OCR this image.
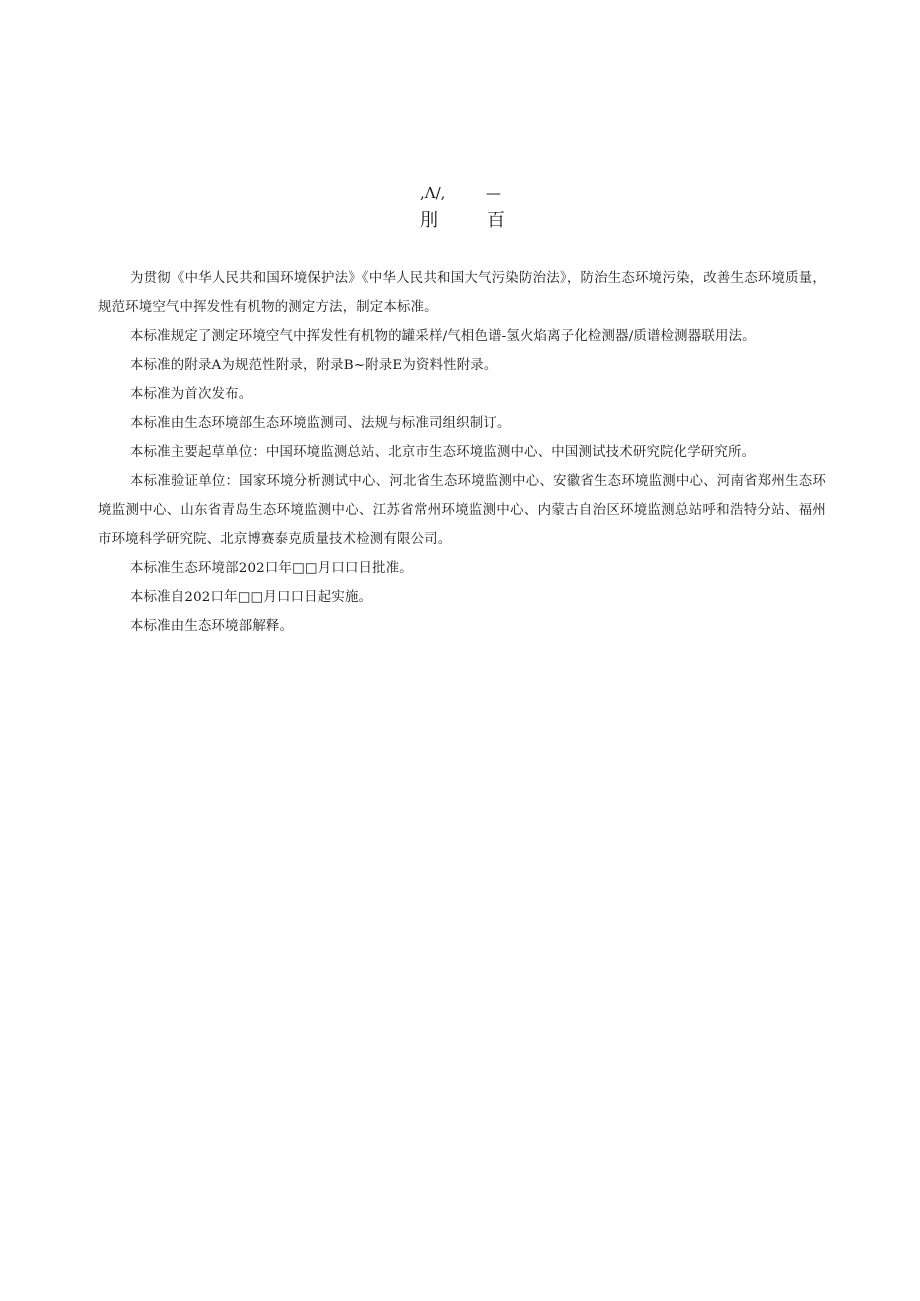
,Λ/,	—
刖	百

为贯彻《中华人民共和国环境保护法》《中华人民共和国大气污染防治法》，防治生态环境污染，改善生态环境质量，规范环境空气中挥发性有机物的测定方法，制定本标准。

本标准规定了测定环境空气中挥发性有机物的罐采样/气相色谱-氢火焰离子化检测器/质谱检测器联用法。

本标准的附录A为规范性附录，附录B~附录E为资料性附录。

本标准为首次发布。

本标准由生态环境部生态环境监测司、法规与标准司组织制订。

本标准主要起草单位：中国环境监测总站、北京市生态环境监测中心、中国测试技术研究院化学研究所。

本标准验证单位：国家环境分析测试中心、河北省生态环境监测中心、安徽省生态环境监测中心、河南省郑州生态环境监测中心、山东省青岛生态环境监测中心、江苏省常州环境监测中心、内蒙古自治区环境监测总站呼和浩特分站、福州市环境科学研究院、北京博赛泰克质量技术检测有限公司。

本标准生态环境部202口年□□月口口日批准。

本标准自202口年□□月口口日起实施。

本标准由生态环境部解释。
